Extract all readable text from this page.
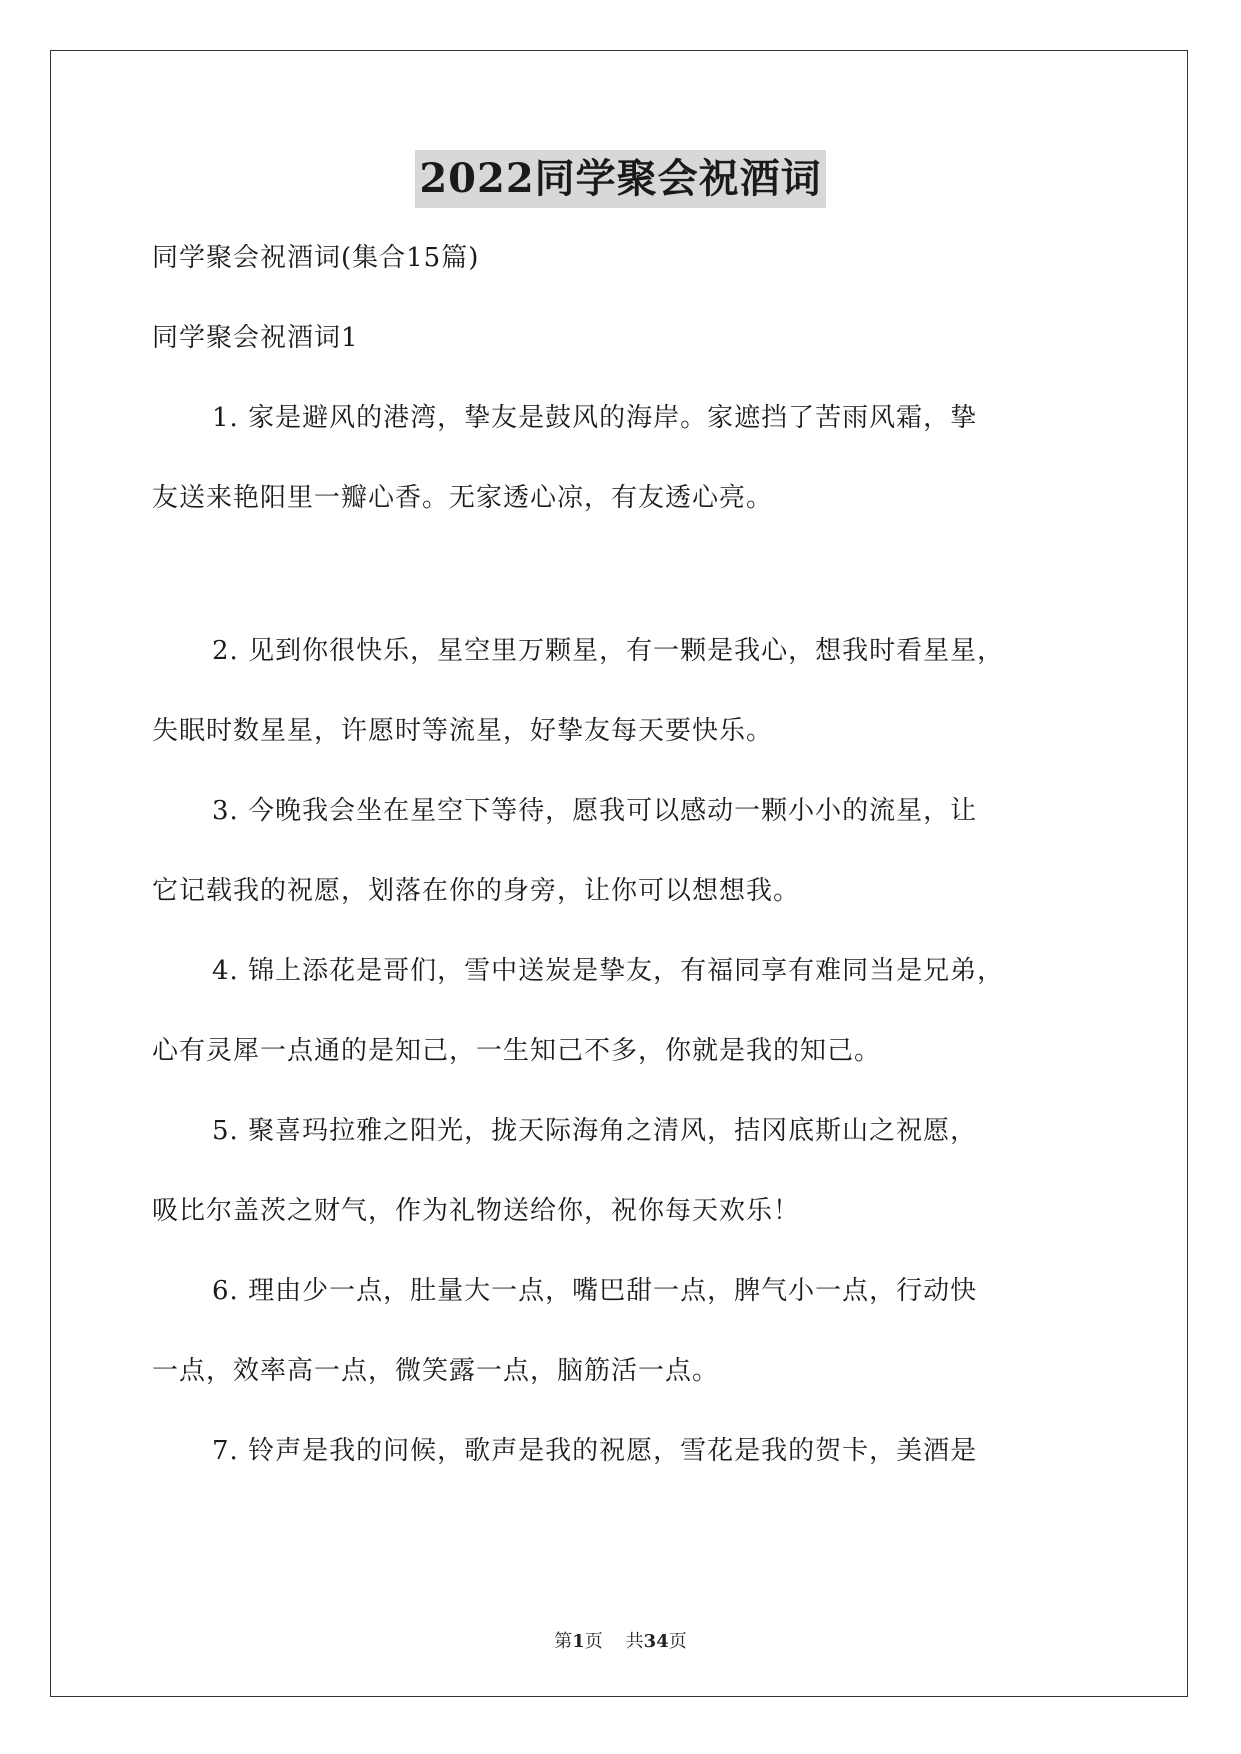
2022同学聚会祝酒词
同学聚会祝酒词(集合15篇)
同学聚会祝酒词1
1. 家是避风的港湾，挚友是鼓风的海岸。家遮挡了苦雨风霜，挚
友送来艳阳里一瓣心香。无家透心凉，有友透心亮。
2. 见到你很快乐，星空里万颗星，有一颗是我心，想我时看星星，
失眠时数星星，许愿时等流星，好挚友每天要快乐。
3. 今晚我会坐在星空下等待，愿我可以感动一颗小小的流星，让
它记载我的祝愿，划落在你的身旁，让你可以想想我。
4. 锦上添花是哥们，雪中送炭是挚友，有福同享有难同当是兄弟，
心有灵犀一点通的是知己，一生知己不多，你就是我的知己。
5. 聚喜玛拉雅之阳光，拢天际海角之清风，拮冈底斯山之祝愿，
吸比尔盖茨之财气，作为礼物送给你，祝你每天欢乐！
6. 理由少一点，肚量大一点，嘴巴甜一点，脾气小一点，行动快
一点，效率高一点，微笑露一点，脑筋活一点。
7. 铃声是我的问候，歌声是我的祝愿，雪花是我的贺卡，美酒是
第1页 共34页
